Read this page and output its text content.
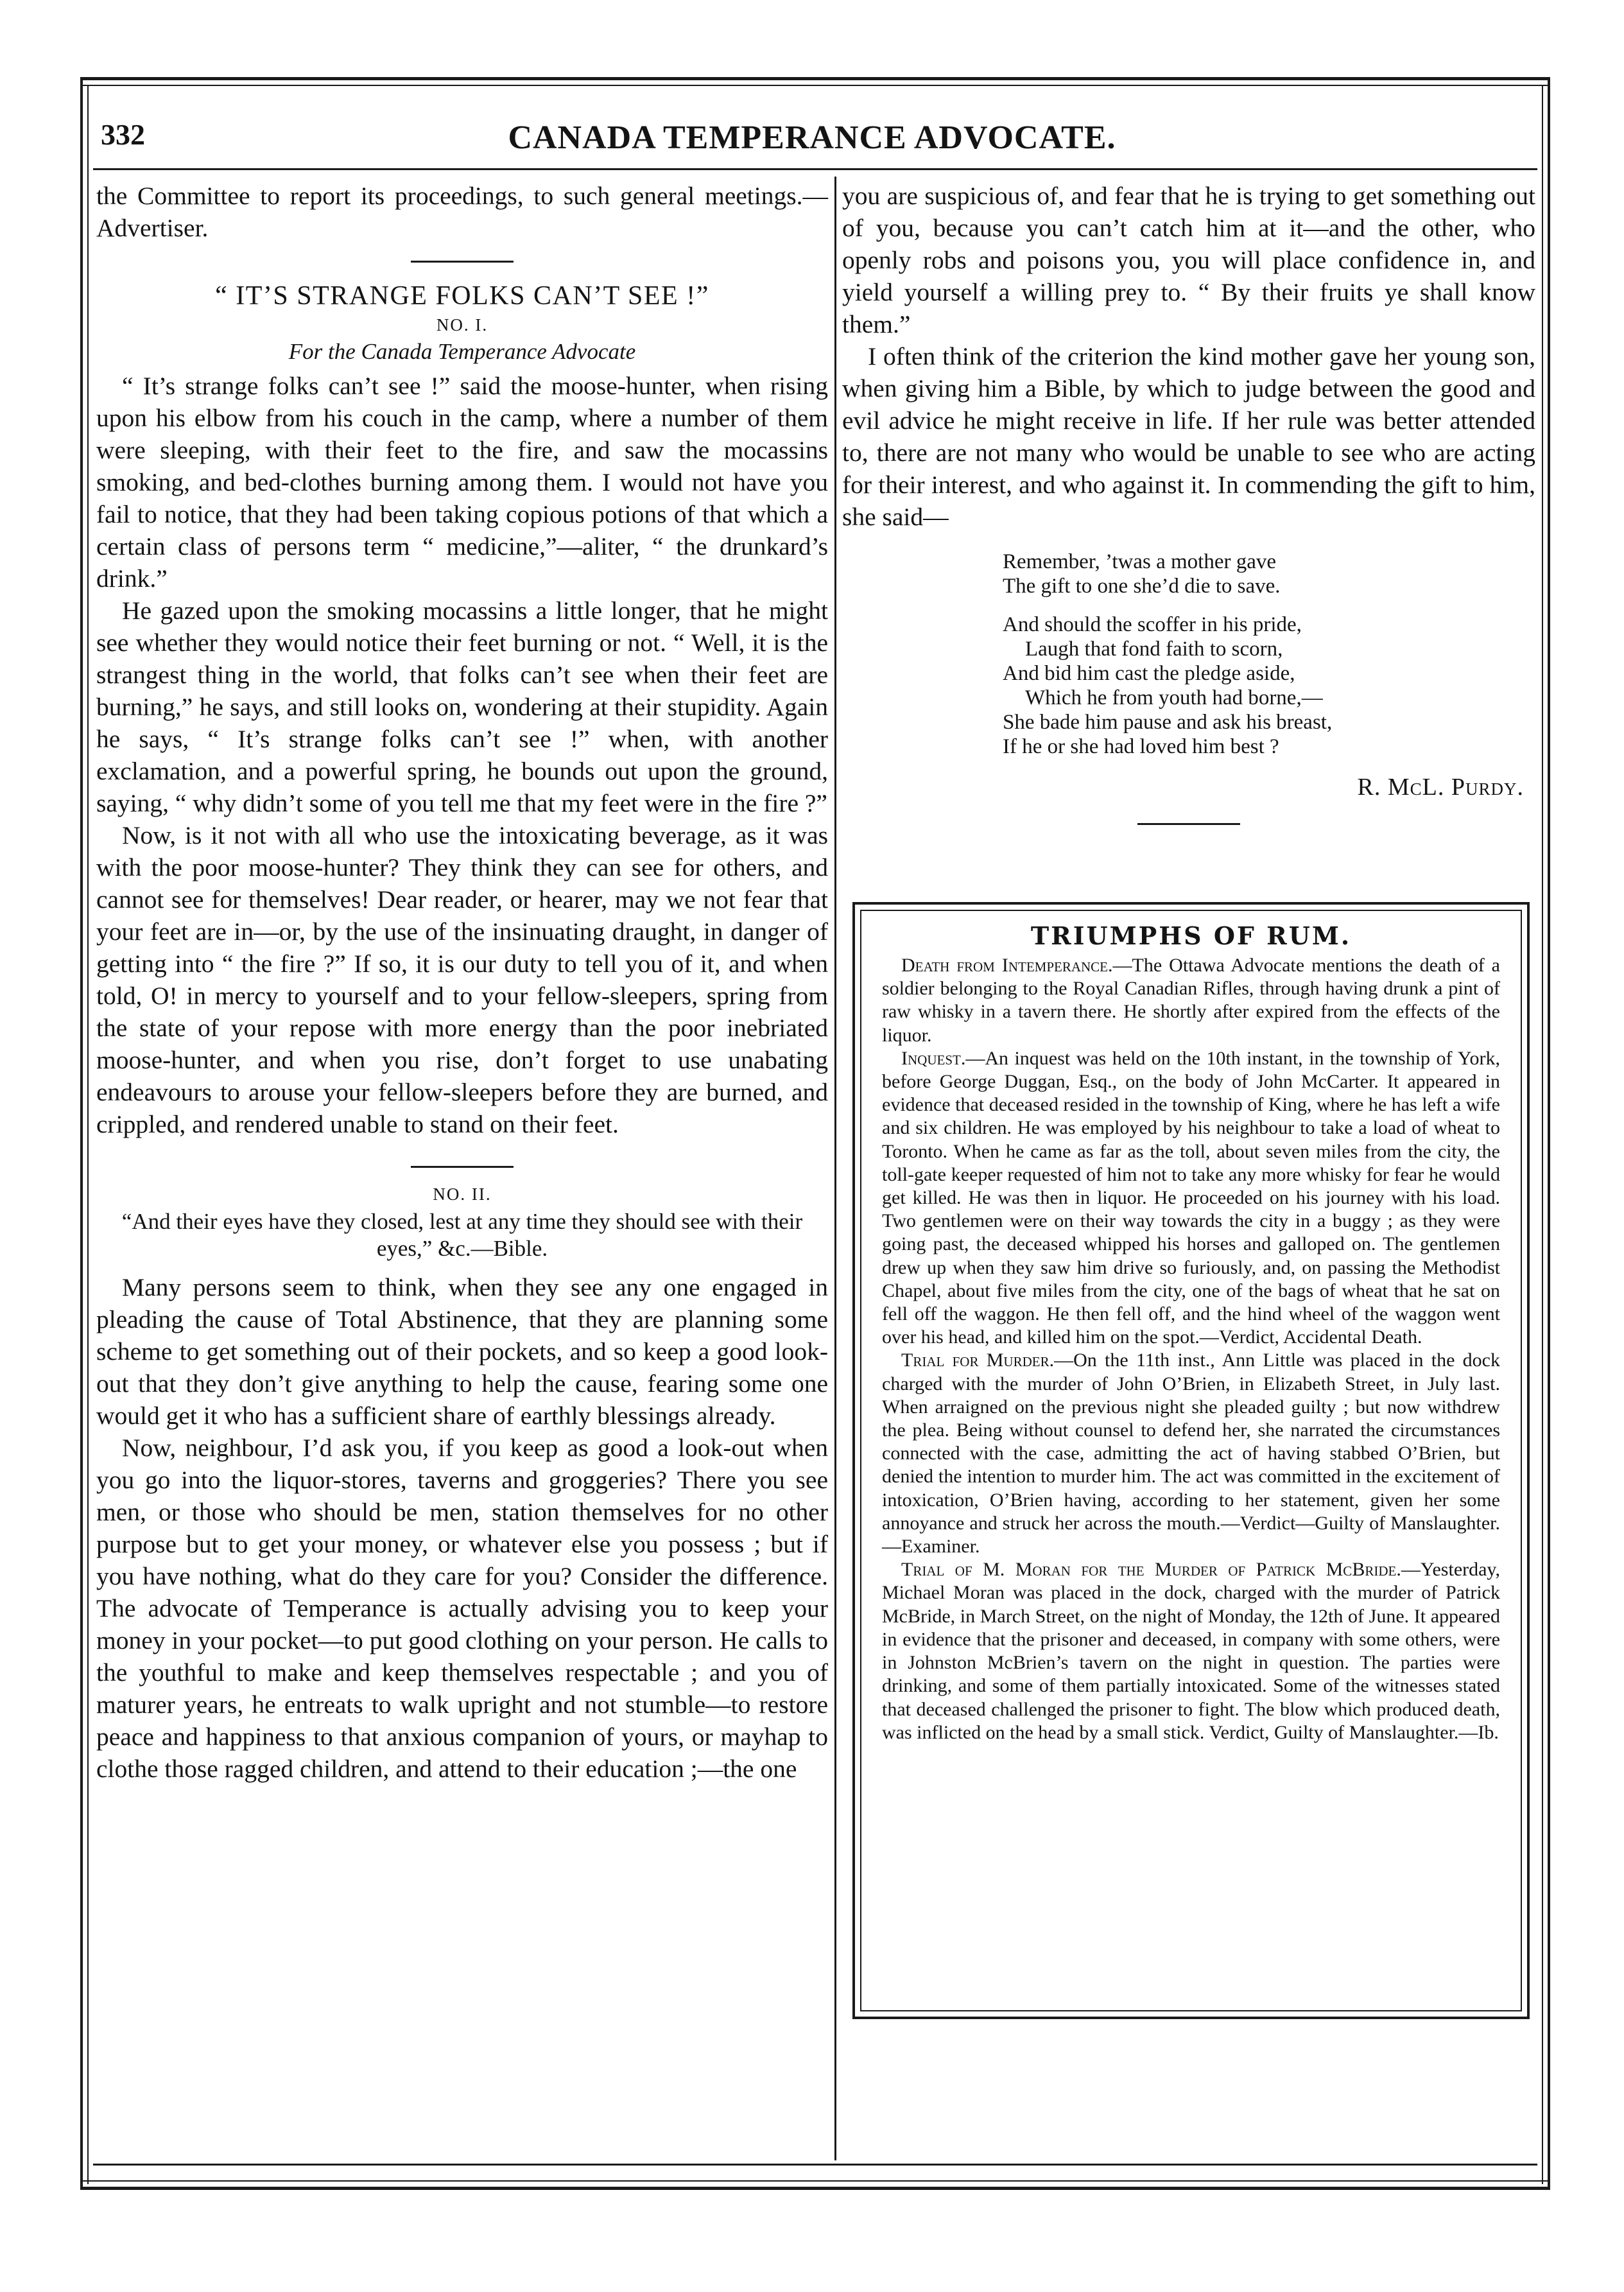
332	CANADA TEMPERANCE ADVOCATE.

the Committee to report its proceedings, to such general meetings.—Advertiser.

“ IT’S STRANGE FOLKS CAN’T SEE !”
NO. I.
For the Canada Temperance Advocate

“ It’s strange folks can’t see !” said the moose-hunter, when rising upon his elbow from his couch in the camp, where a number of them were sleeping, with their feet to the fire, and saw the mocassins smoking, and bed-clothes burning among them. I would not have you fail to notice, that they had been taking copious potions of that which a certain class of persons term “ medicine,”—aliter, “ the drunkard’s drink.”

He gazed upon the smoking mocassins a little longer, that he might see whether they would notice their feet burning or not. “ Well, it is the strangest thing in the world, that folks can’t see when their feet are burning,” he says, and still looks on, wondering at their stupidity. Again he says, “ It’s strange folks can’t see !” when, with another exclamation, and a powerful spring, he bounds out upon the ground, saying, “ why didn’t some of you tell me that my feet were in the fire ?”

Now, is it not with all who use the intoxicating beverage, as it was with the poor moose-hunter? They think they can see for others, and cannot see for themselves! Dear reader, or hearer, may we not fear that your feet are in—or, by the use of the insinuating draught, in danger of getting into “ the fire ?” If so, it is our duty to tell you of it, and when told, O! in mercy to yourself and to your fellow-sleepers, spring from the state of your repose with more energy than the poor inebriated moose-hunter, and when you rise, don’t forget to use unabating endeavours to arouse your fellow-sleepers before they are burned, and crippled, and rendered unable to stand on their feet.

NO. II.
“And their eyes have they closed, lest at any time they should see with their eyes,” &c.—Bible.

Many persons seem to think, when they see any one engaged in pleading the cause of Total Abstinence, that they are planning some scheme to get something out of their pockets, and so keep a good look-out that they don’t give anything to help the cause, fearing some one would get it who has a sufficient share of earthly blessings already.

Now, neighbour, I’d ask you, if you keep as good a look-out when you go into the liquor-stores, taverns and groggeries? There you see men, or those who should be men, station themselves for no other purpose but to get your money, or whatever else you possess ; but if you have nothing, what do they care for you? Consider the difference. The advocate of Temperance is actually advising you to keep your money in your pocket—to put good clothing on your person. He calls to the youthful to make and keep themselves respectable ; and you of maturer years, he entreats to walk upright and not stumble—to restore peace and happiness to that anxious companion of yours, or mayhap to clothe those ragged children, and attend to their education ;—the one

you are suspicious of, and fear that he is trying to get something out of you, because you can’t catch him at it—and the other, who openly robs and poisons you, you will place confidence in, and yield yourself a willing prey to. “ By their fruits ye shall know them.”

I often think of the criterion the kind mother gave her young son, when giving him a Bible, by which to judge between the good and evil advice he might receive in life. If her rule was better attended to, there are not many who would be unable to see who are acting for their interest, and who against it. In commending the gift to him, she said—

Remember, ’twas a mother gave
The gift to one she’d die to save.
And should the scoffer in his pride,
Laugh that fond faith to scorn,
And bid him cast the pledge aside,
Which he from youth had borne,—
She bade him pause and ask his breast,
If he or she had loved him best ?
R. McL. Purdy.
TRIUMPHS OF RUM.

Death from Intemperance.—The Ottawa Advocate mentions the death of a soldier belonging to the Royal Canadian Rifles, through having drunk a pint of raw whisky in a tavern there. He shortly after expired from the effects of the liquor.

Inquest.—An inquest was held on the 10th instant, in the township of York, before George Duggan, Esq., on the body of John McCarter. It appeared in evidence that deceased resided in the township of King, where he has left a wife and six children. He was employed by his neighbour to take a load of wheat to Toronto. When he came as far as the toll, about seven miles from the city, the toll-gate keeper requested of him not to take any more whisky for fear he would get killed. He was then in liquor. He proceeded on his journey with his load. Two gentlemen were on their way towards the city in a buggy ; as they were going past, the deceased whipped his horses and galloped on. The gentlemen drew up when they saw him drive so furiously, and, on passing the Methodist Chapel, about five miles from the city, one of the bags of wheat that he sat on fell off the waggon. He then fell off, and the hind wheel of the waggon went over his head, and killed him on the spot.—Verdict, Accidental Death.

Trial for Murder.—On the 11th inst., Ann Little was placed in the dock charged with the murder of John O’Brien, in Elizabeth Street, in July last. When arraigned on the previous night she pleaded guilty ; but now withdrew the plea. Being without counsel to defend her, she narrated the circumstances connected with the case, admitting the act of having stabbed O’Brien, but denied the intention to murder him. The act was committed in the excitement of intoxication, O’Brien having, according to her statement, given her some annoyance and struck her across the mouth.—Verdict—Guilty of Manslaughter.—Examiner.

Trial of M. Moran for the Murder of Patrick McBride.—Yesterday, Michael Moran was placed in the dock, charged with the murder of Patrick McBride, in March Street, on the night of Monday, the 12th of June. It appeared in evidence that the prisoner and deceased, in company with some others, were in Johnston McBrien’s tavern on the night in question. The parties were drinking, and some of them partially intoxicated. Some of the witnesses stated that deceased challenged the prisoner to fight. The blow which produced death, was inflicted on the head by a small stick. Verdict, Guilty of Manslaughter.—Ib.
